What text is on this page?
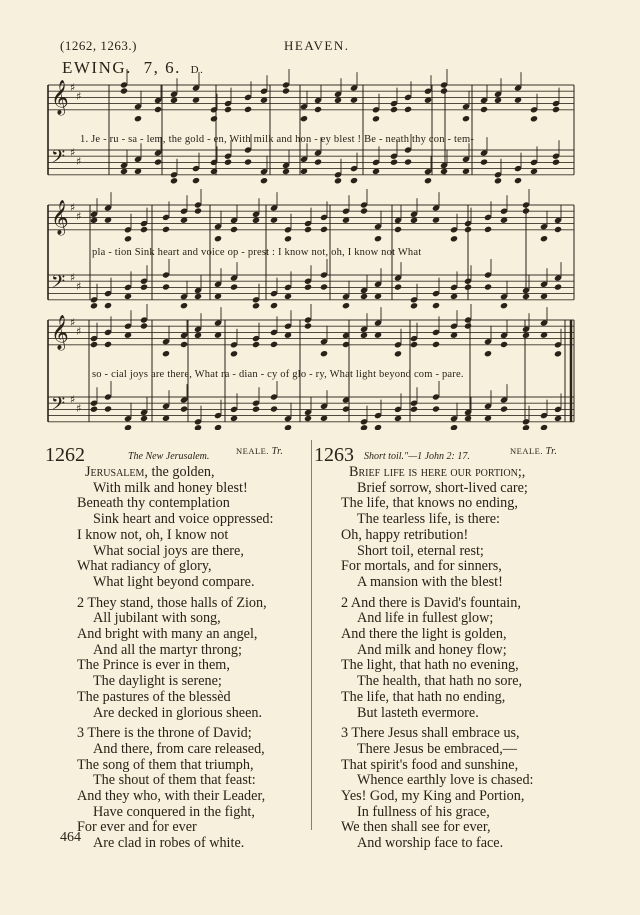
(1262, 1263.)	HEAVEN.
EWING. 7, 6. D.
𝄞 ♯
♯
𝄢 ♯
♯
𝄞 ♯
♯
𝄢 ♯
♯
𝄞 ♯
♯
𝄢 ♯
♯
1. Je - ru - sa - lem, the gold - en, With milk and hon - ey blest ! Be - neath thy con - tem-
pla - tion Sink heart and voice op - prest : I know not, oh, I know not What
so - cial joys are there, What ra - dian - cy of glo - ry, What light beyond com - pare.
1262	The New Jerusalem.	NEALE. Tr.
Jerusalem, the golden,
With milk and honey blest!
Beneath thy contemplation
Sink heart and voice oppressed:
I know not, oh, I know not
What social joys are there,
What radiancy of glory,
What light beyond compare.
2 They stand, those halls of Zion,
All jubilant with song,
And bright with many an angel,
And all the martyr throng;
The Prince is ever in them,
The daylight is serene;
The pastures of the blessèd
Are decked in glorious sheen.
3 There is the throne of David;
And there, from care released,
The song of them that triumph,
The shout of them that feast:
And they who, with their Leader,
Have conquered in the fight,
For ever and for ever
Are clad in robes of white.
1263 Short toil."—1 John 2: 17.	NEALE. Tr.
Brief life is here our portion;,
Brief sorrow, short-lived care;
The life, that knows no ending,
The tearless life, is there:
Oh, happy retribution!
Short toil, eternal rest;
For mortals, and for sinners,
A mansion with the blest!
2 And there is David's fountain,
And life in fullest glow;
And there the light is golden,
And milk and honey flow;
The light, that hath no evening,
The health, that hath no sore,
The life, that hath no ending,
But lasteth evermore.
3 There Jesus shall embrace us,
There Jesus be embraced,—
That spirit's food and sunshine,
Whence earthly love is chased:
Yes! God, my King and Portion,
In fullness of his grace,
We then shall see for ever,
And worship face to face.
464
